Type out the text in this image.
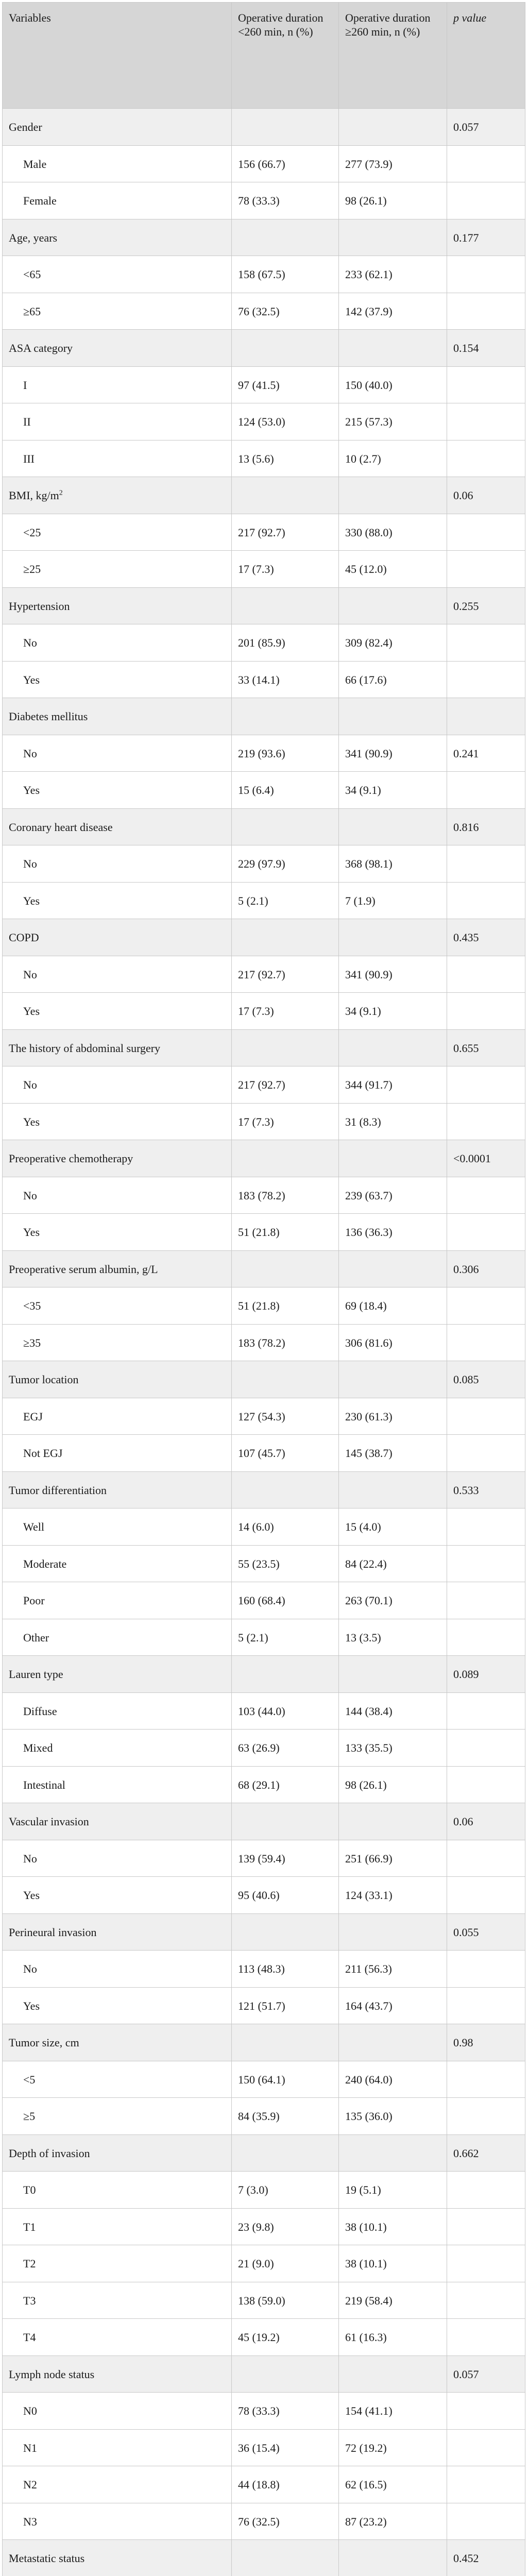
Variables	Operative duration <260 min, n (%)	Operative duration ≥260 min, n (%)	p value
Gender			0.057
Male	156 (66.7)	277 (73.9)	
Female	78 (33.3)	98 (26.1)	
Age, years			0.177
<65	158 (67.5)	233 (62.1)	
≥65	76 (32.5)	142 (37.9)	
ASA category			0.154
I	97 (41.5)	150 (40.0)	
II	124 (53.0)	215 (57.3)	
III	13 (5.6)	10 (2.7)	
BMI, $kg/m^2$			0.06
<25	217 (92.7)	330 (88.0)	
≥25	17 (7.3)	45 (12.0)	
Hypertension			0.255
No	201 (85.9)	309 (82.4)	
Yes	33 (14.1)	66 (17.6)	
Diabetes mellitus			
No	219 (93.6)	341 (90.9)	0.241
Yes	15 (6.4)	34 (9.1)	
Coronary heart disease			0.816
No	229 (97.9)	368 (98.1)	
Yes	5 (2.1)	7 (1.9)	
COPD			0.435
No	217 (92.7)	341 (90.9)	
Yes	17 (7.3)	34 (9.1)	
The history of abdominal surgery			0.655
No	217 (92.7)	344 (91.7)	
Yes	17 (7.3)	31 (8.3)	
Preoperative chemotherapy			<0.0001
No	183 (78.2)	239 (63.7)	
Yes	51 (21.8)	136 (36.3)	
Preoperative serum albumin, g/L			0.306
<35	51 (21.8)	69 (18.4)	
≥35	183 (78.2)	306 (81.6)	
Tumor location			0.085
EGJ	127 (54.3)	230 (61.3)	
Not EGJ	107 (45.7)	145 (38.7)	
Tumor differentiation			0.533
Well	14 (6.0)	15 (4.0)	
Moderate	55 (23.5)	84 (22.4)	
Poor	160 (68.4)	263 (70.1)	
Other	5 (2.1)	13 (3.5)	
Lauren type			0.089
Diffuse	103 (44.0)	144 (38.4)	
Mixed	63 (26.9)	133 (35.5)	
Intestinal	68 (29.1)	98 (26.1)	
Vascular invasion			0.06
No	139 (59.4)	251 (66.9)	
Yes	95 (40.6)	124 (33.1)	
Perineural invasion			0.055
No	113 (48.3)	211 (56.3)	
Yes	121 (51.7)	164 (43.7)	
Tumor size, cm			0.98
<5	150 (64.1)	240 (64.0)	
≥5	84 (35.9)	135 (36.0)	
Depth of invasion			0.662
T0	7 (3.0)	19 (5.1)	
T1	23 (9.8)	38 (10.1)	
T2	21 (9.0)	38 (10.1)	
T3	138 (59.0)	219 (58.4)	
T4	45 (19.2)	61 (16.3)	
Lymph node status			0.057
N0	78 (33.3)	154 (41.1)	
N1	36 (15.4)	72 (19.2)	
N2	44 (18.8)	62 (16.5)	
N3	76 (32.5)	87 (23.2)	
Metastatic status			0.452
